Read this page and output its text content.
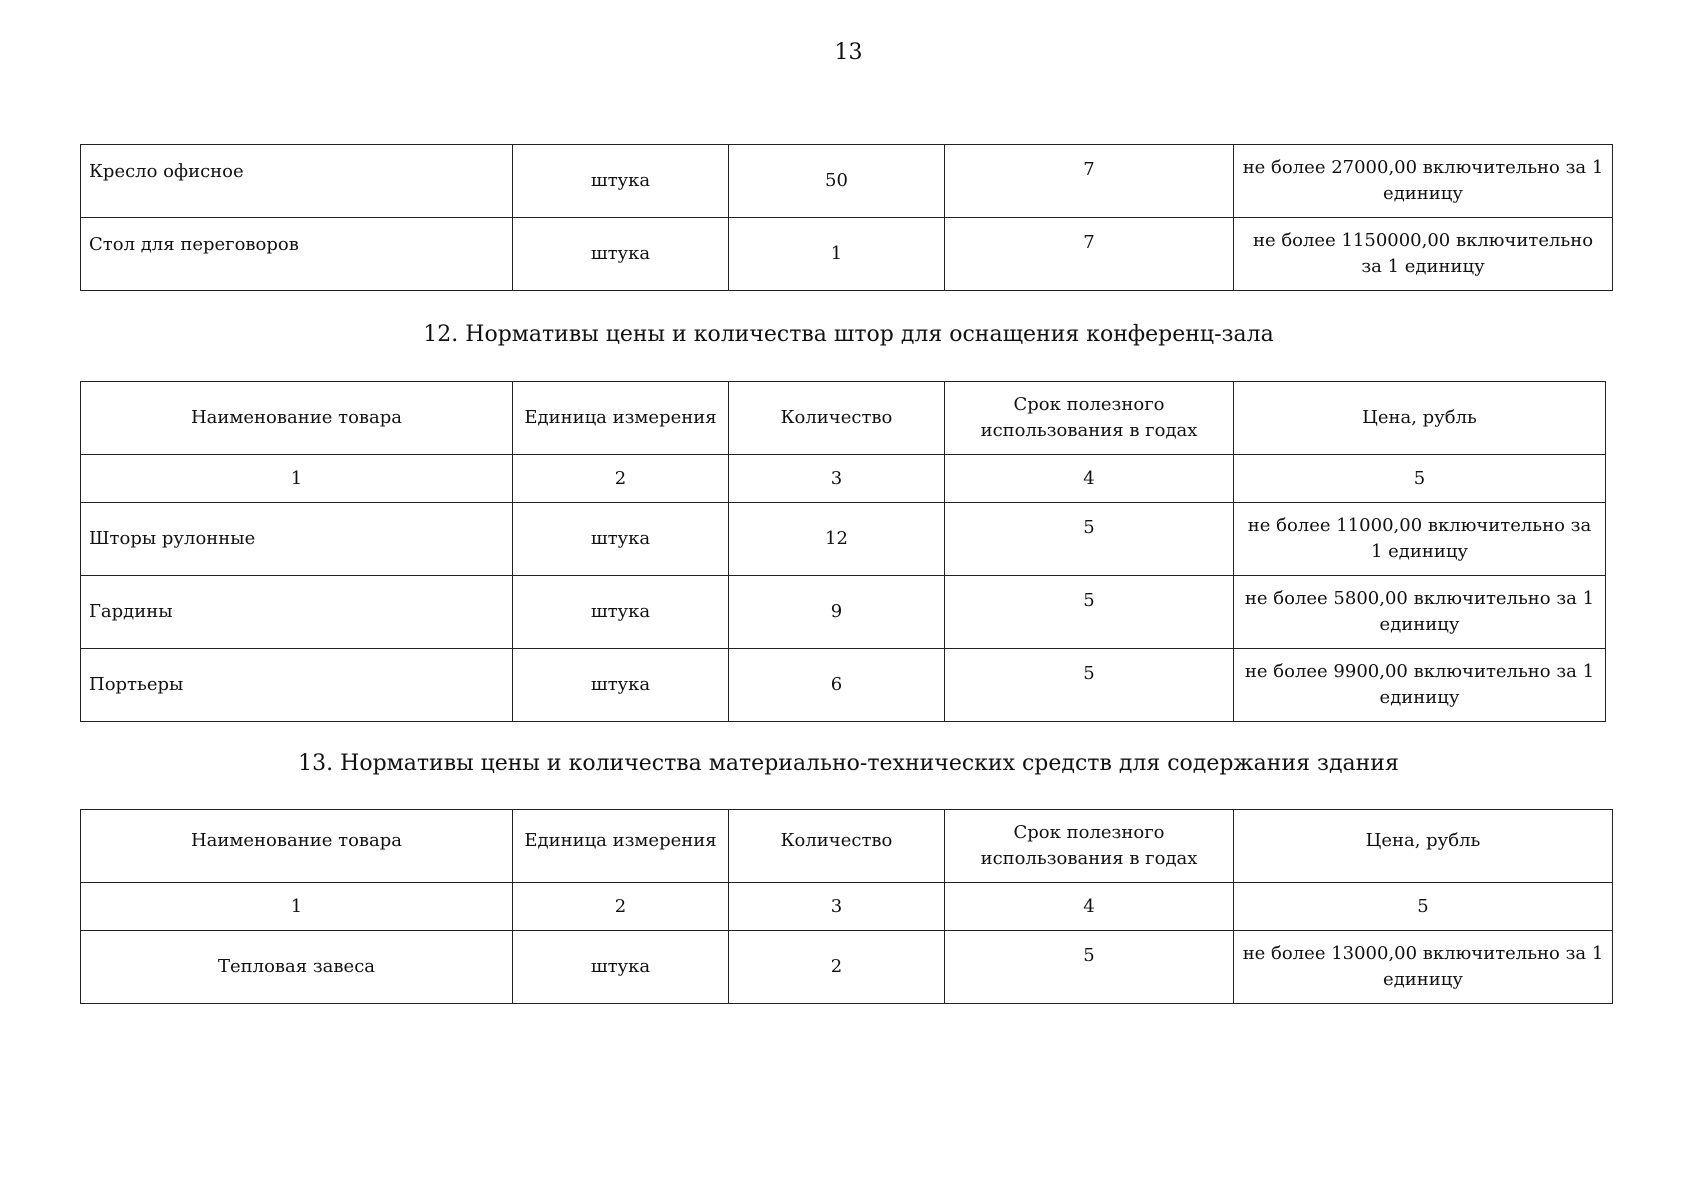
13
Кресло офисное	штука	50	7	не более 27000,00 включительно за 1 единицу
Стол для переговоров	штука	1	7	не более 1150000,00 включительно за 1 единицу
12. Нормативы цены и количества штор для оснащения конференц-зала
Наименование товара	Единица измерения	Количество	Срок полезного использования в годах	Цена, рубль
1	2	3	4	5
Шторы рулонные	штука	12	5	не более 11000,00 включительно за 1 единицу
Гардины	штука	9	5	не более 5800,00 включительно за 1 единицу
Портьеры	штука	6	5	не более 9900,00 включительно за 1 единицу
13. Нормативы цены и количества материально-технических средств для содержания здания
Наименование товара	Единица измерения	Количество	Срок полезного использования в годах	Цена, рубль
1	2	3	4	5
Тепловая завеса	штука	2	5	не более 13000,00 включительно за 1 единицу
